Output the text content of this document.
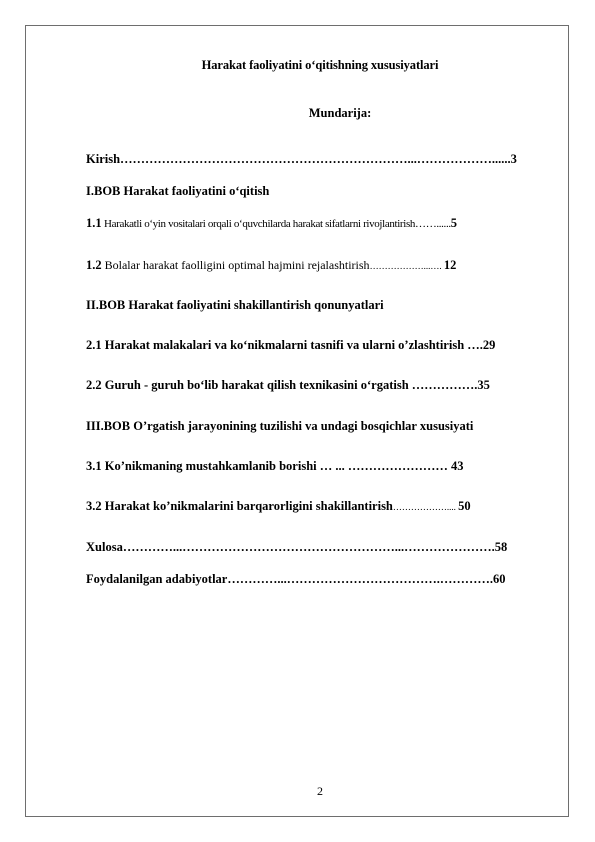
Harakat faoliyatini o‘qitishning xususiyatlari
Mundarija:
Kirish……………………………………………………………...………………......3
I.BOB Harakat faoliyatini o‘qitish
1.1 Harakatli o‘yin vositalari orqali o‘quvchilarda harakat sifatlarni rivojlantirish……......5
1.2 Bolalar harakat faolligini optimal hajmini rejalashtirish………………...…. 12
II.BOB Harakat faoliyatini shakillantirish qonunyatlari
2.1 Harakat malakalari va ko‘nikmalarni tasnifi va ularni o’zlashtirish ….29
2.2 Guruh - guruh bo‘lib harakat qilish texnikasini o‘rgatish …………….35
III.BOB O’rgatish jarayonining tuzilishi va undagi bosqichlar xususiyati
3.1 Ko’nikmaning mustahkamlanib borishi … ... …………………… 43
3.2 Harakat ko’nikmalarini barqarorligini shakillantirish……………….... 50
Xulosa…………...……………………………………………...………………….58
Foydalanilgan adabiyotlar…………...……………………………….………….60
2
